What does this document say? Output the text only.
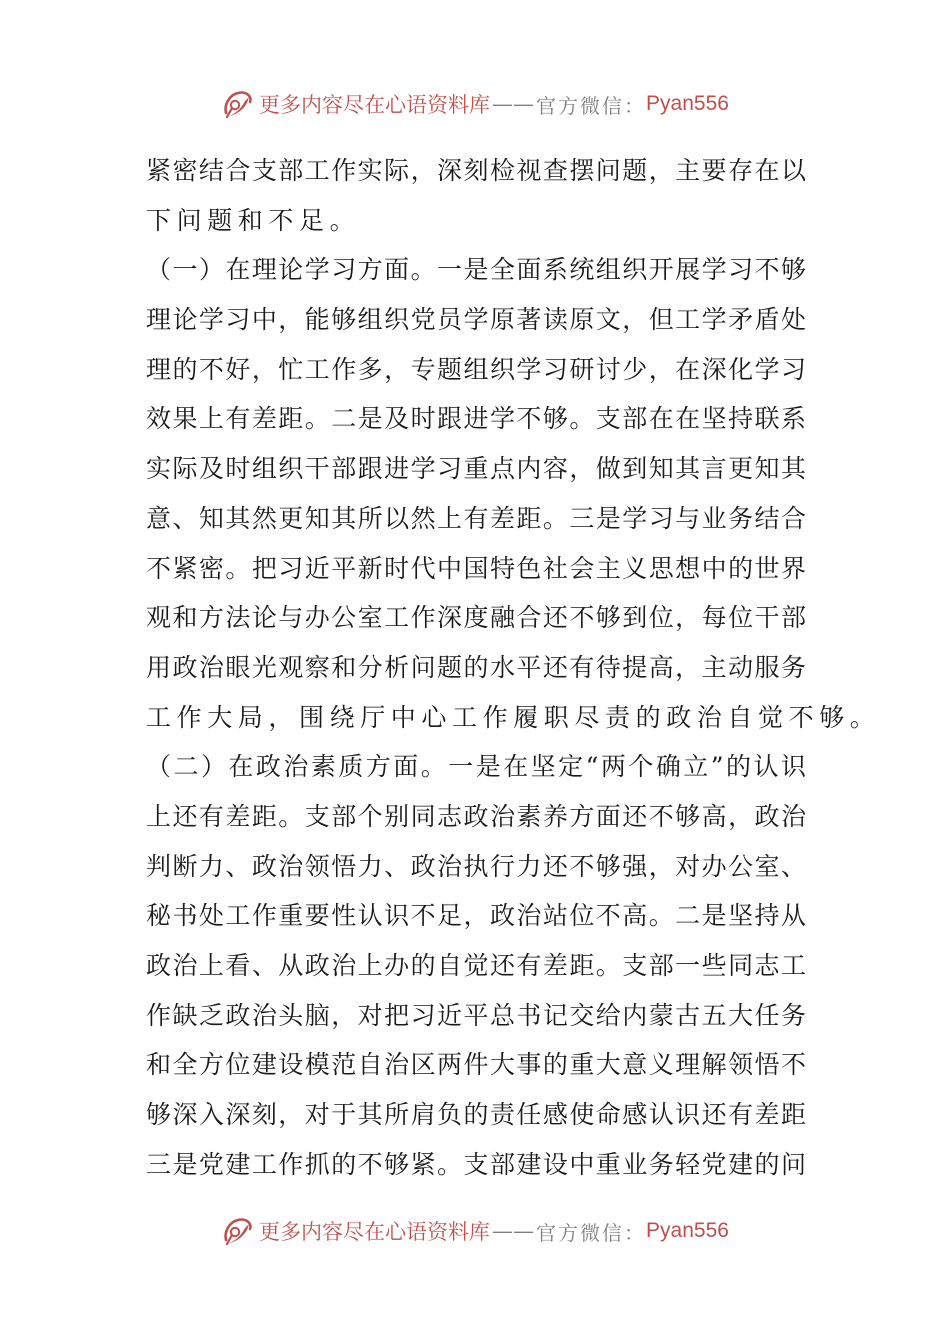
更多内容尽在心语资料库 —— 官方微信： Pyan556
紧密结合支部工作实际，深刻检视查摆问题，主要存在以
下问题和不足。
（一）在理论学习方面。一是全面系统组织开展学习不够
理论学习中，能够组织党员学原著读原文，但工学矛盾处
理的不好，忙工作多，专题组织学习研讨少，在深化学习
效果上有差距。二是及时跟进学不够。支部在在坚持联系
实际及时组织干部跟进学习重点内容，做到知其言更知其
意、知其然更知其所以然上有差距。三是学习与业务结合
不紧密。把习近平新时代中国特色社会主义思想中的世界
观和方法论与办公室工作深度融合还不够到位，每位干部
用政治眼光观察和分析问题的水平还有待提高，主动服务
工作大局，围绕厅中心工作履职尽责的政治自觉不够。
（二）在政治素质方面。一是在坚定“两个确立”的认识
上还有差距。支部个别同志政治素养方面还不够高，政治
判断力、政治领悟力、政治执行力还不够强，对办公室、
秘书处工作重要性认识不足，政治站位不高。二是坚持从
政治上看、从政治上办的自觉还有差距。支部一些同志工
作缺乏政治头脑，对把习近平总书记交给内蒙古五大任务
和全方位建设模范自治区两件大事的重大意义理解领悟不
够深入深刻，对于其所肩负的责任感使命感认识还有差距
三是党建工作抓的不够紧。支部建设中重业务轻党建的问
更多内容尽在心语资料库 —— 官方微信： Pyan556
